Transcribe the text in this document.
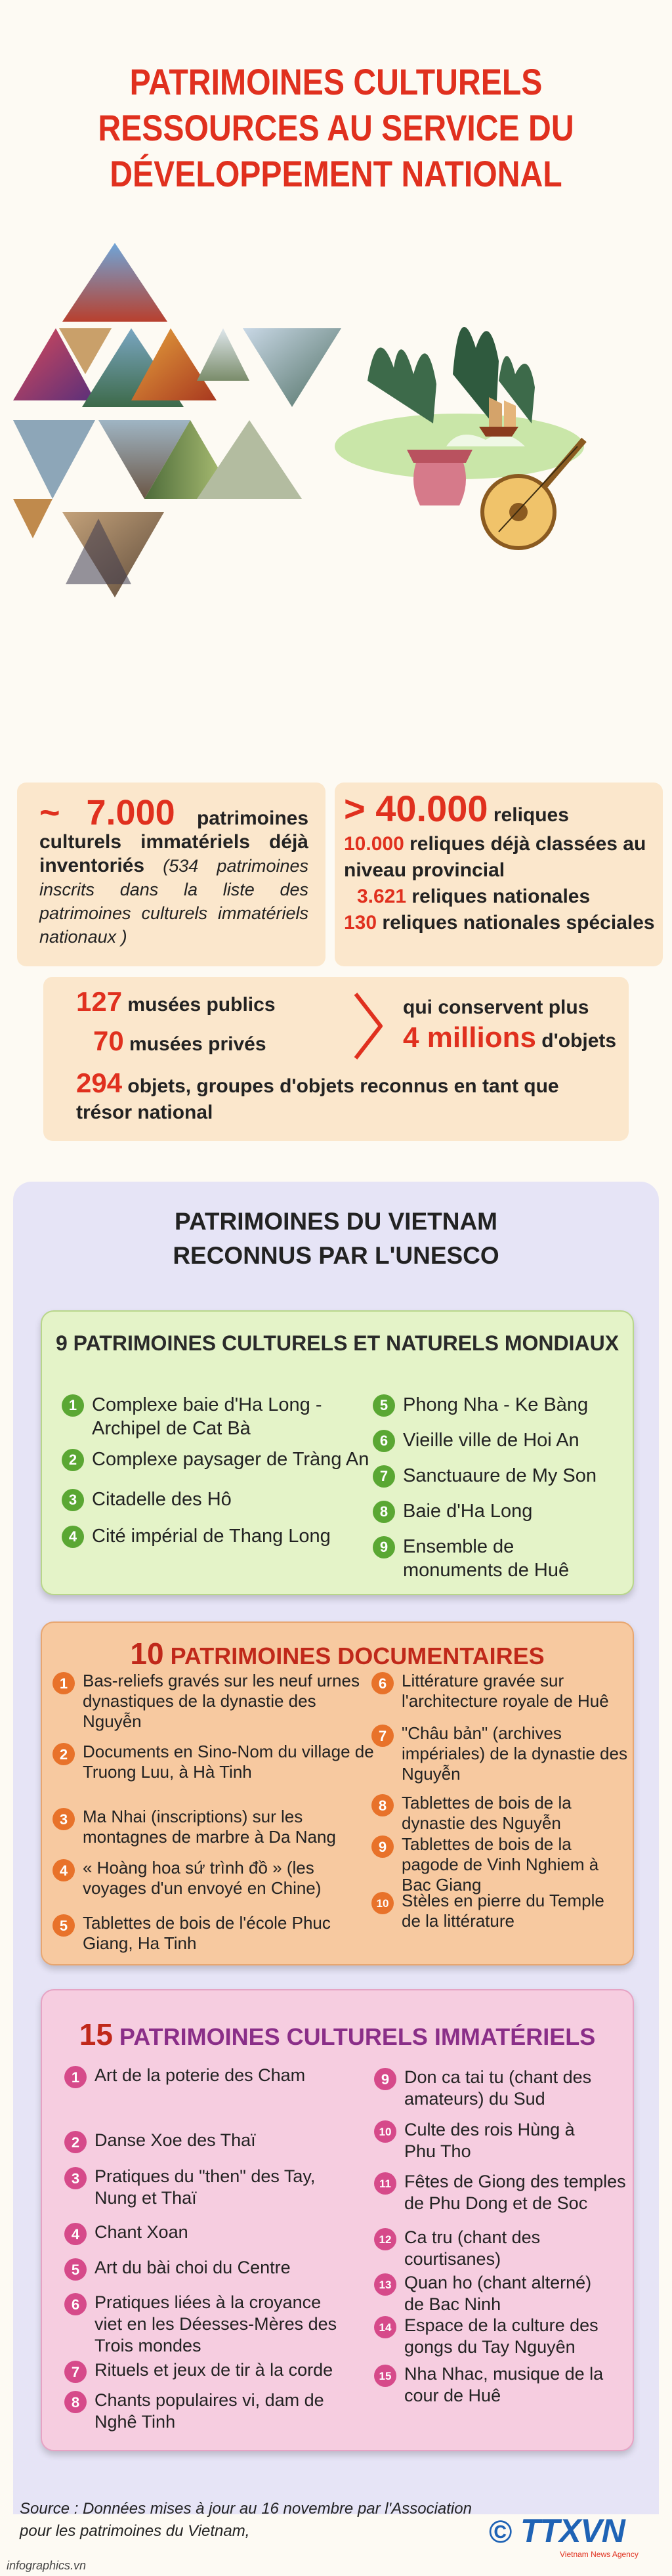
PATRIMOINES CULTURELS
RESSOURCES AU SERVICE DU
DÉVELOPPEMENT NATIONAL
~ 7.000 patrimoines culturels immatériels déjà inventoriés (534 patrimoines inscrits dans la liste des patrimoines culturels immatériels nationaux )
> 40.000 reliques
10.000 reliques déjà classées au niveau provincial
3.621 reliques nationales
130 reliques nationales spéciales
127 musées publics
70 musées privés
qui conservent plus
4 millions d'objets
294 objets, groupes d'objets reconnus en tant que trésor national
PATRIMOINES DU VIETNAM
RECONNUS PAR L'UNESCO
9 PATRIMOINES CULTURELS ET NATURELS MONDIAUX
1 Complexe baie d'Ha Long -
Archipel de Cat Bà
2 Complexe paysager de Tràng An
3 Citadelle des Hô
4 Cité impérial de Thang Long
5 Phong Nha - Ke Bàng
6 Vieille ville de Hoi An
7 Sanctuaure de My Son
8 Baie d'Ha Long
9 Ensemble de
monuments de Huê
10 PATRIMOINES DOCUMENTAIRES
1 Bas-reliefs gravés sur les neuf urnes dynastiques de la dynastie des Nguyễn
2 Documents en Sino-Nom du village de Truong Luu, à Hà Tinh
3 Ma Nhai (inscriptions) sur les montagnes de marbre à Da Nang
4 « Hoàng hoa sứ trình đồ » (les voyages d'un envoyé en Chine)
5 Tablettes de bois de l'école Phuc Giang, Ha Tinh
6 Littérature gravée sur l'architecture royale de Huê
7 "Châu bản" (archives impériales) de la dynastie des Nguyễn
8 Tablettes de bois de la dynastie des Nguyễn
9 Tablettes de bois de la pagode de Vinh Nghiem à Bac Giang
10 Stèles en pierre du Temple de la littérature
15 PATRIMOINES CULTURELS IMMATÉRIELS
1 Art de la poterie des Cham
2 Danse Xoe des Thaï
3 Pratiques du "then" des Tay,
Nung et Thaï
4 Chant Xoan
5 Art du bài choi du Centre
6 Pratiques liées à la croyance
viet en les Déesses-Mères des
Trois mondes
7 Rituels et jeux de tir à la corde
8 Chants populaires vi, dam de
Nghê Tinh
9 Don ca tai tu (chant des
amateurs) du Sud
10 Culte des rois Hùng à
Phu Tho
11 Fêtes de Giong des temples
de Phu Dong et de Soc
12 Ca tru (chant des
courtisanes)
13 Quan ho (chant alterné)
de Bac Ninh
14 Espace de la culture des
gongs du Tay Nguyên
15 Nha Nhac, musique de la
cour de Huê
Source : Données mises à jour au 16 novembre par l'Association pour les patrimoines du Vietnam,
infographics.vn
© TTXVN
Vietnam News Agency
